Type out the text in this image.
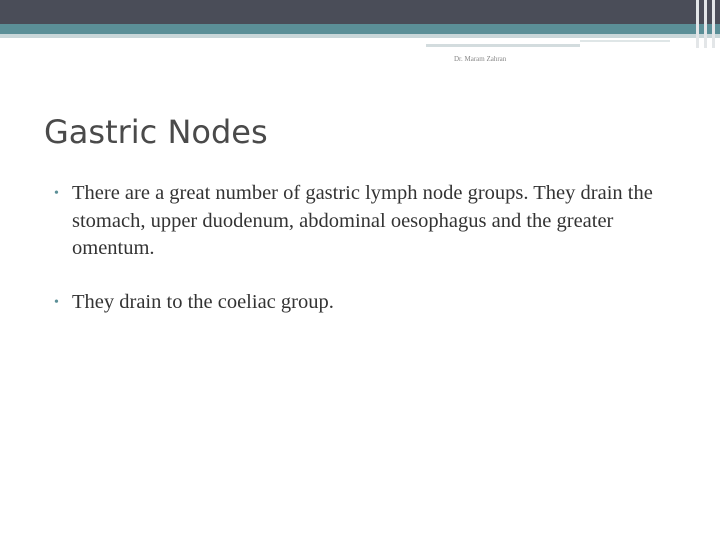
Dr. Maram Zahran
Gastric Nodes
• There are a great number of gastric lymph node groups. They drain the stomach, upper duodenum, abdominal oesophagus and the greater omentum.
• They drain to the coeliac group.
